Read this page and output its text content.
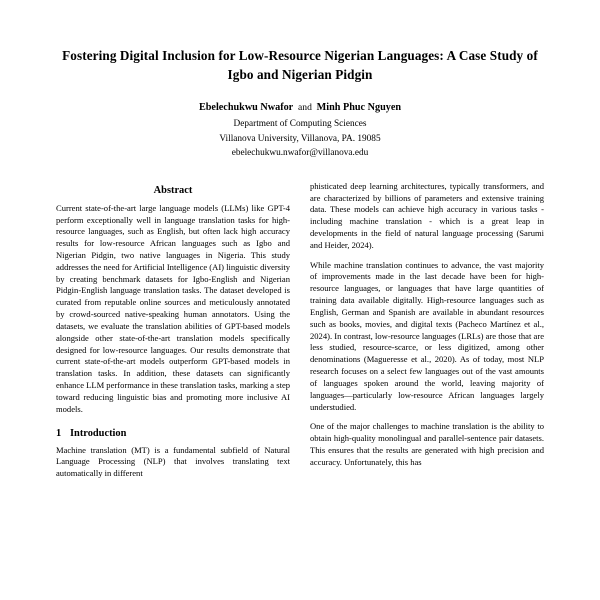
Fostering Digital Inclusion for Low-Resource Nigerian Languages: A Case Study of Igbo and Nigerian Pidgin
Ebelechukwu Nwafor  and  Minh Phuc Nguyen
Department of Computing Sciences
Villanova University, Villanova, PA. 19085
ebelechukwu.nwafor@villanova.edu
Abstract

Current state-of-the-art large language models (LLMs) like GPT-4 perform exceptionally well in language translation tasks for high-resource languages, such as English, but often lack high accuracy results for low-resource African languages such as Igbo and Nigerian Pidgin, two native languages in Nigeria. This study addresses the need for Artificial Intelligence (AI) linguistic diversity by creating benchmark datasets for Igbo-English and Nigerian Pidgin-English language translation tasks. The dataset developed is curated from reputable online sources and meticulously annotated by crowd-sourced native-speaking human annotators. Using the datasets, we evaluate the translation abilities of GPT-based models alongside other state-of-the-art translation models specifically designed for low-resource languages. Our results demonstrate that current state-of-the-art models outperform GPT-based models in translation tasks. In addition, these datasets can significantly enhance LLM performance in these translation tasks, marking a step toward reducing linguistic bias and promoting more inclusive AI models.

1 Introduction

Machine translation (MT) is a fundamental subfield of Natural Language Processing (NLP) that involves translating text automatically in different

phisticated deep learning architectures, typically transformers, and are characterized by billions of parameters and extensive training data. These models can achieve high accuracy in various tasks - including machine translation - which is a great leap in developments in the field of natural language processing (Sarumi and Heider, 2024).

While machine translation continues to advance, the vast majority of improvements made in the last decade have been for high-resource languages, or languages that have large quantities of training data available digitally. High-resource languages such as English, German and Spanish are available in abundant resources such as books, movies, and digital texts (Pacheco Martínez et al., 2024). In contrast, low-resource languages (LRLs) are those that are less studied, resource-scarce, or less digitized, among other denominations (Magueresse et al., 2020). As of today, most NLP research focuses on a select few languages out of the vast amounts of languages spoken around the world, leaving majority of languages—particularly low-resource African languages largely understudied.

One of the major challenges to machine translation is the ability to obtain high-quality monolingual and parallel-sentence pair datasets. This ensures that the results are generated with high precision and accuracy. Unfortunately, this has
